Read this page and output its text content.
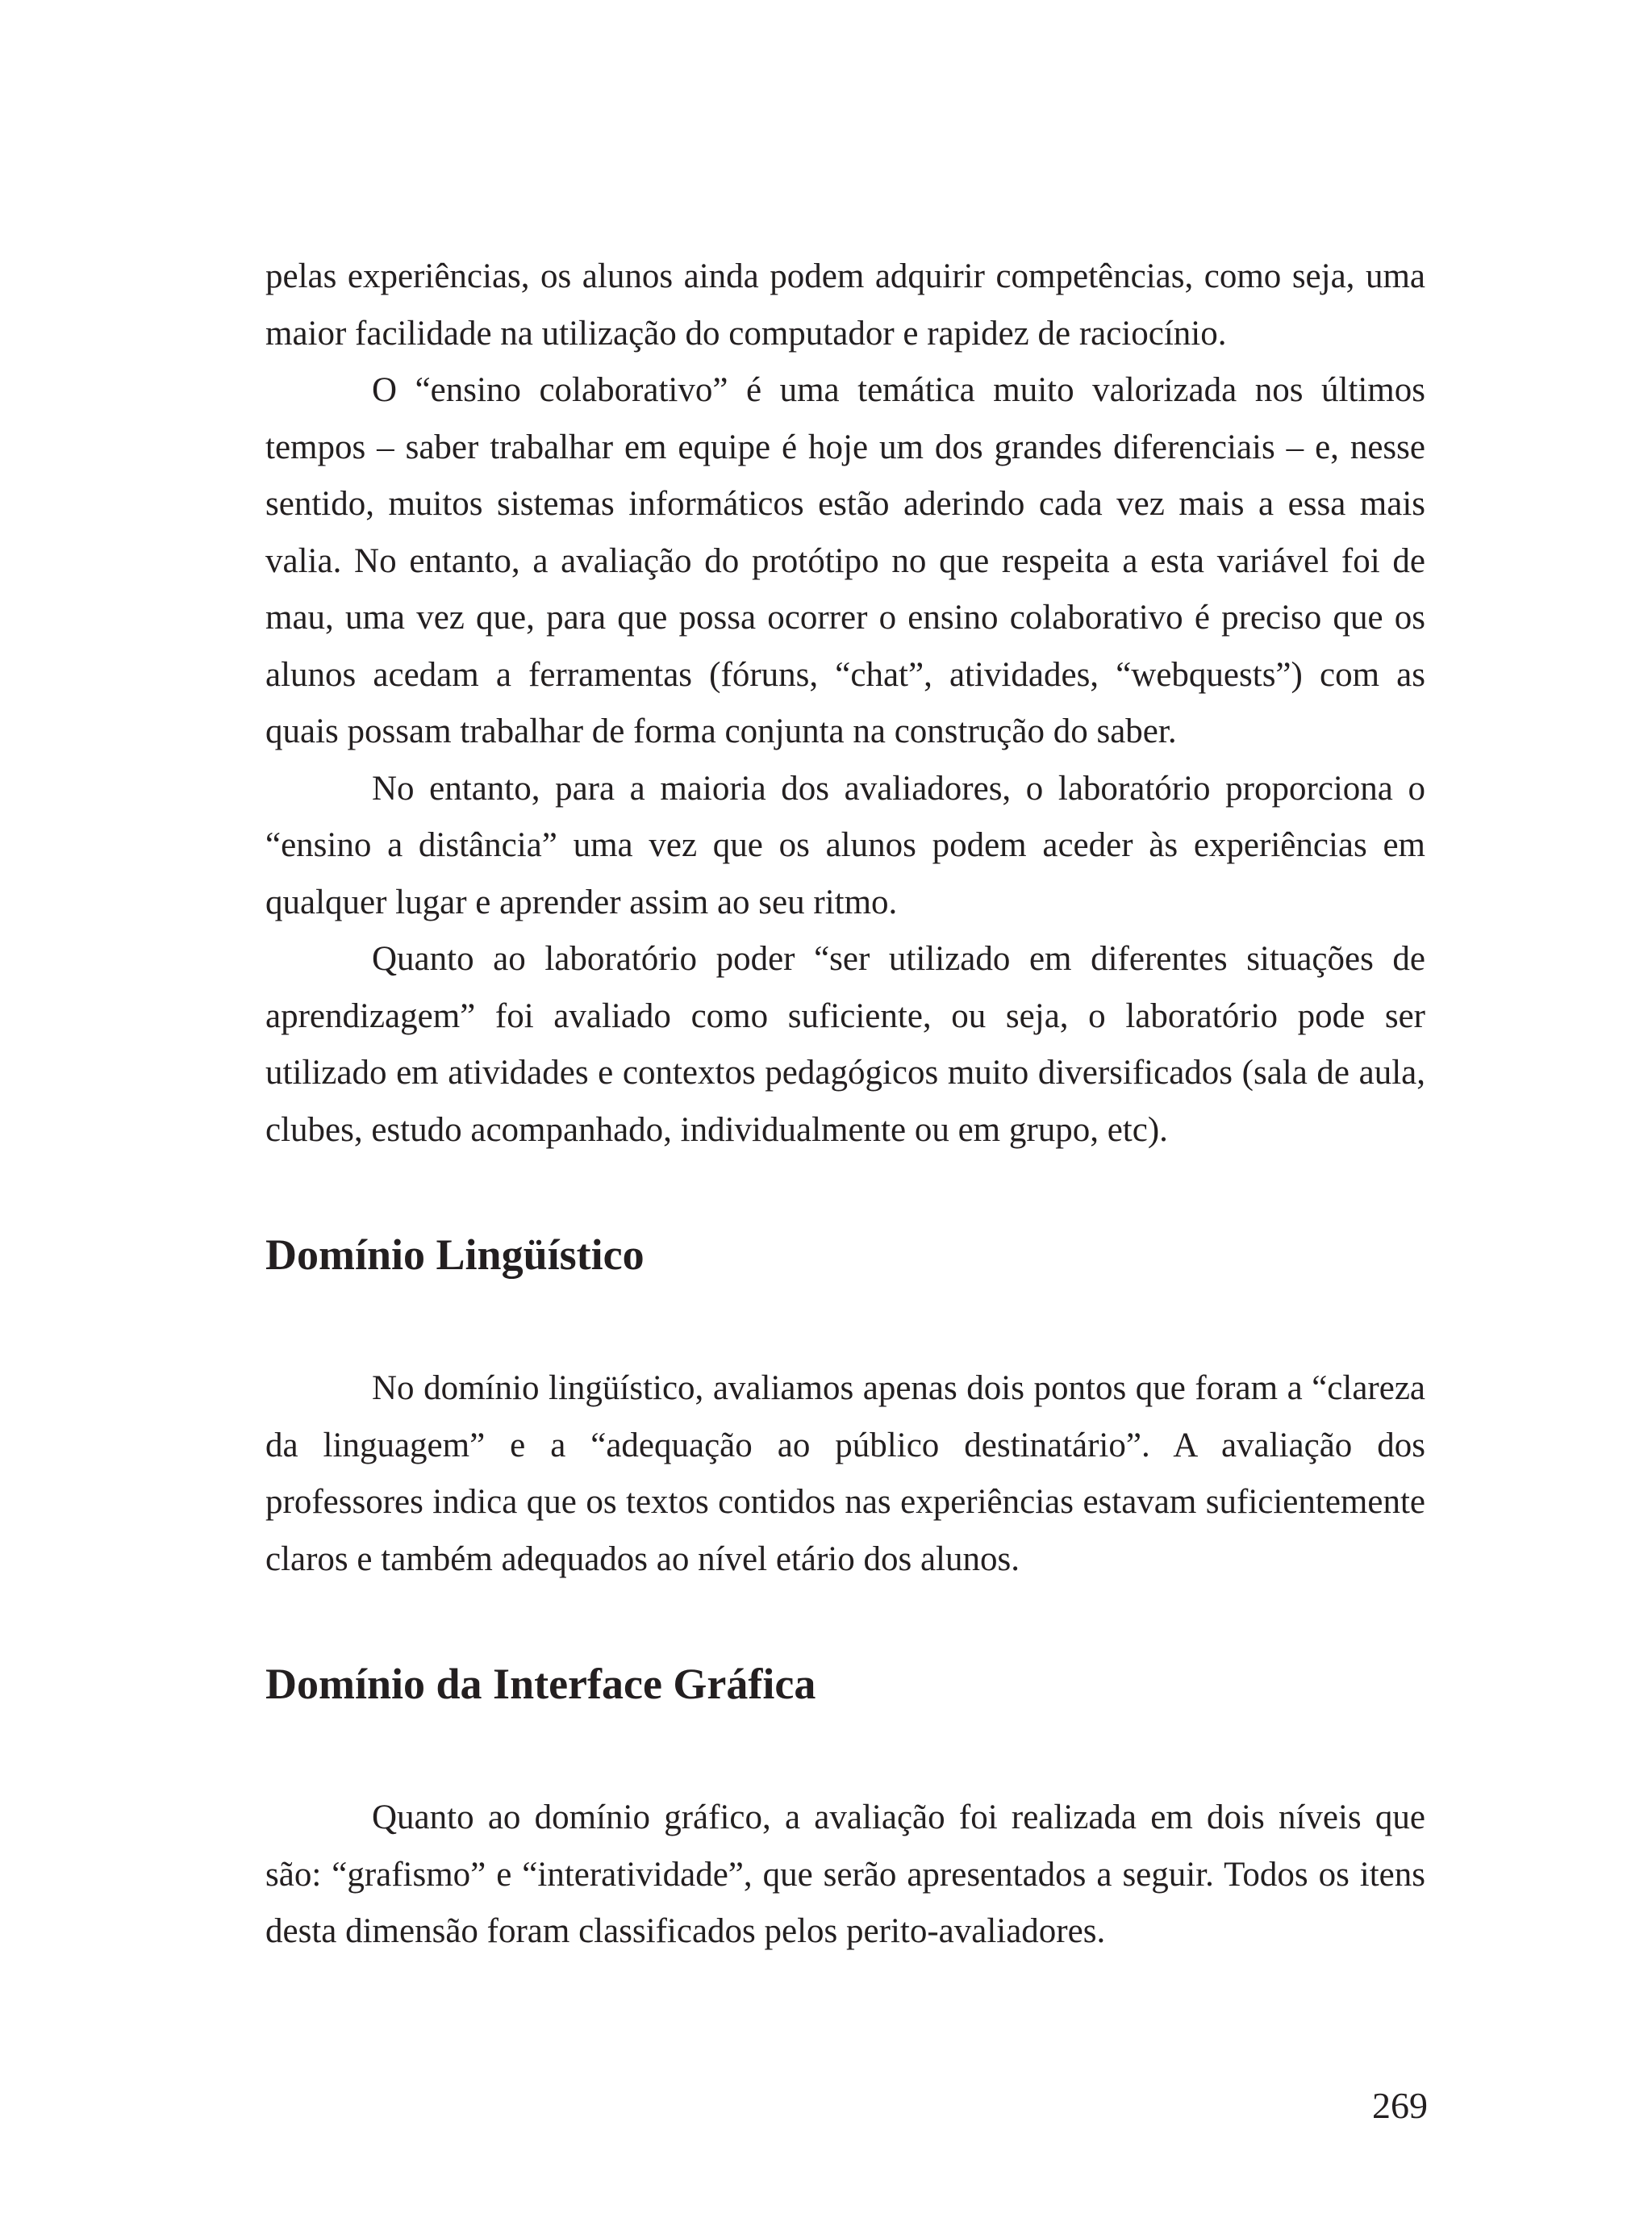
pelas experiências, os alunos ainda podem adquirir competências, como seja, uma maior facilidade na utilização do computador e rapidez de raciocínio.

O “ensino colaborativo” é uma temática muito valorizada nos últimos tempos – saber trabalhar em equipe é hoje um dos grandes diferenciais – e, nesse sentido, muitos sistemas informáticos estão aderindo cada vez mais a essa mais valia. No entanto, a avaliação do protótipo no que respeita a esta variável foi de mau, uma vez que, para que possa ocorrer o ensino colaborativo é preciso que os alunos acedam a ferramentas (fóruns, “chat”, atividades, “webquests”) com as quais possam trabalhar de forma conjunta na construção do saber.

No entanto, para a maioria dos avaliadores, o laboratório proporciona o “ensino a distância” uma vez que os alunos podem aceder às experiências em qualquer lugar e aprender assim ao seu ritmo.

Quanto ao laboratório poder “ser utilizado em diferentes situações de aprendizagem” foi avaliado como suficiente, ou seja, o laboratório pode ser utilizado em atividades e contextos pedagógicos muito diversificados (sala de aula, clubes, estudo acompanhado, individualmente ou em grupo, etc).

Domínio Lingüístico

No domínio lingüístico, avaliamos apenas dois pontos que foram a “clareza da linguagem” e a “adequação ao público destinatário”. A avaliação dos professores indica que os textos contidos nas experiências estavam suficientemente claros e também adequados ao nível etário dos alunos.

Domínio da Interface Gráfica

Quanto ao domínio gráfico, a avaliação foi realizada em dois níveis que são: “grafismo” e “interatividade”, que serão apresentados a seguir. Todos os itens desta dimensão foram classificados pelos perito-avaliadores.

269
